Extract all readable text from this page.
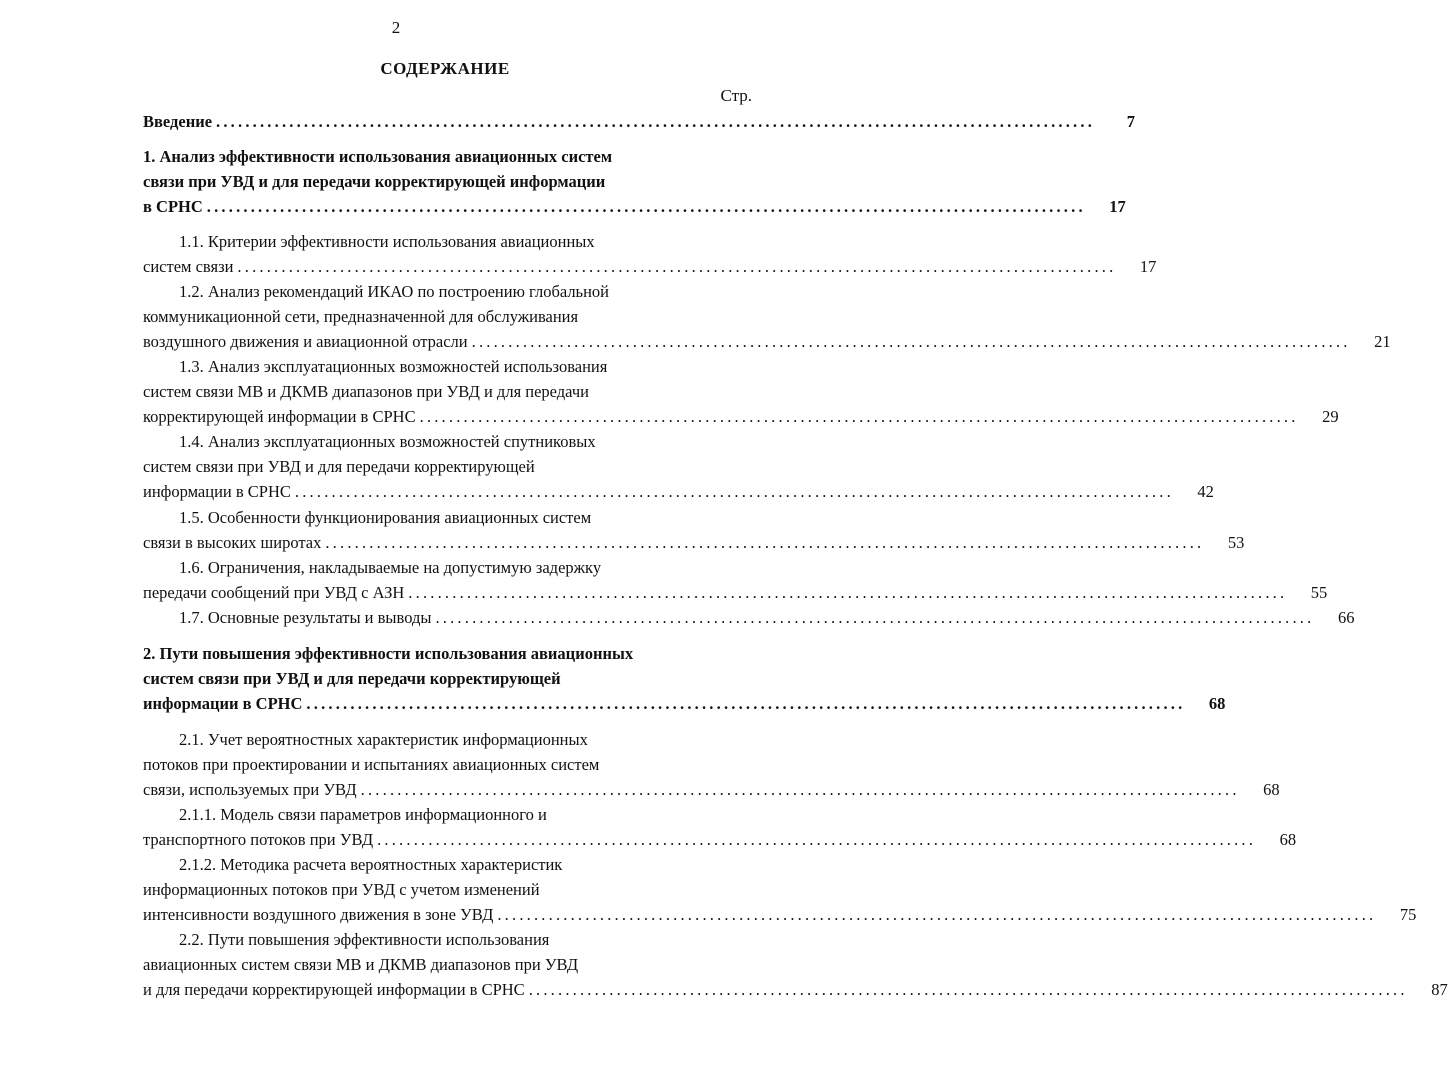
2
СОДЕРЖАНИЕ
Стр.
Введение ........................................................................................................................	7
1. Анализ эффективности использования авиационных систем
связи при УВД и для передачи корректирующей информации
в СРНС ........................................................................................................................	17
1.1. Критерии эффективности использования авиационных
систем связи ........................................................................................................................	17
1.2. Анализ рекомендаций ИКАО по построению глобальной
коммуникационной сети, предназначенной для обслуживания
воздушного движения и авиационной отрасли ........................................................................................................................	21
1.3. Анализ эксплуатационных возможностей использования
систем связи МВ и ДКМВ диапазонов при УВД и для передачи
корректирующей информации в СРНС ........................................................................................................................	29
1.4. Анализ эксплуатационных возможностей спутниковых
систем связи при УВД и для передачи корректирующей
информации в СРНС ........................................................................................................................	42
1.5. Особенности функционирования авиационных систем
связи в высоких широтах ........................................................................................................................	53
1.6. Ограничения, накладываемые на допустимую задержку
передачи сообщений при УВД с АЗН ........................................................................................................................	55
1.7. Основные результаты и выводы ........................................................................................................................	66
2. Пути повышения эффективности использования авиационных
систем связи при УВД и для передачи корректирующей
информации в СРНС ........................................................................................................................	68
2.1. Учет вероятностных характеристик информационных
потоков при проектировании и испытаниях авиационных систем
связи, используемых при УВД ........................................................................................................................	68
2.1.1. Модель связи параметров информационного и
транспортного потоков при УВД ........................................................................................................................	68
2.1.2. Методика расчета вероятностных характеристик
информационных потоков при УВД с учетом изменений
интенсивности воздушного движения в зоне УВД ........................................................................................................................	75
2.2. Пути повышения эффективности использования
авиационных систем связи МВ и ДКМВ диапазонов при УВД
и для передачи корректирующей информации в СРНС ........................................................................................................................	87
